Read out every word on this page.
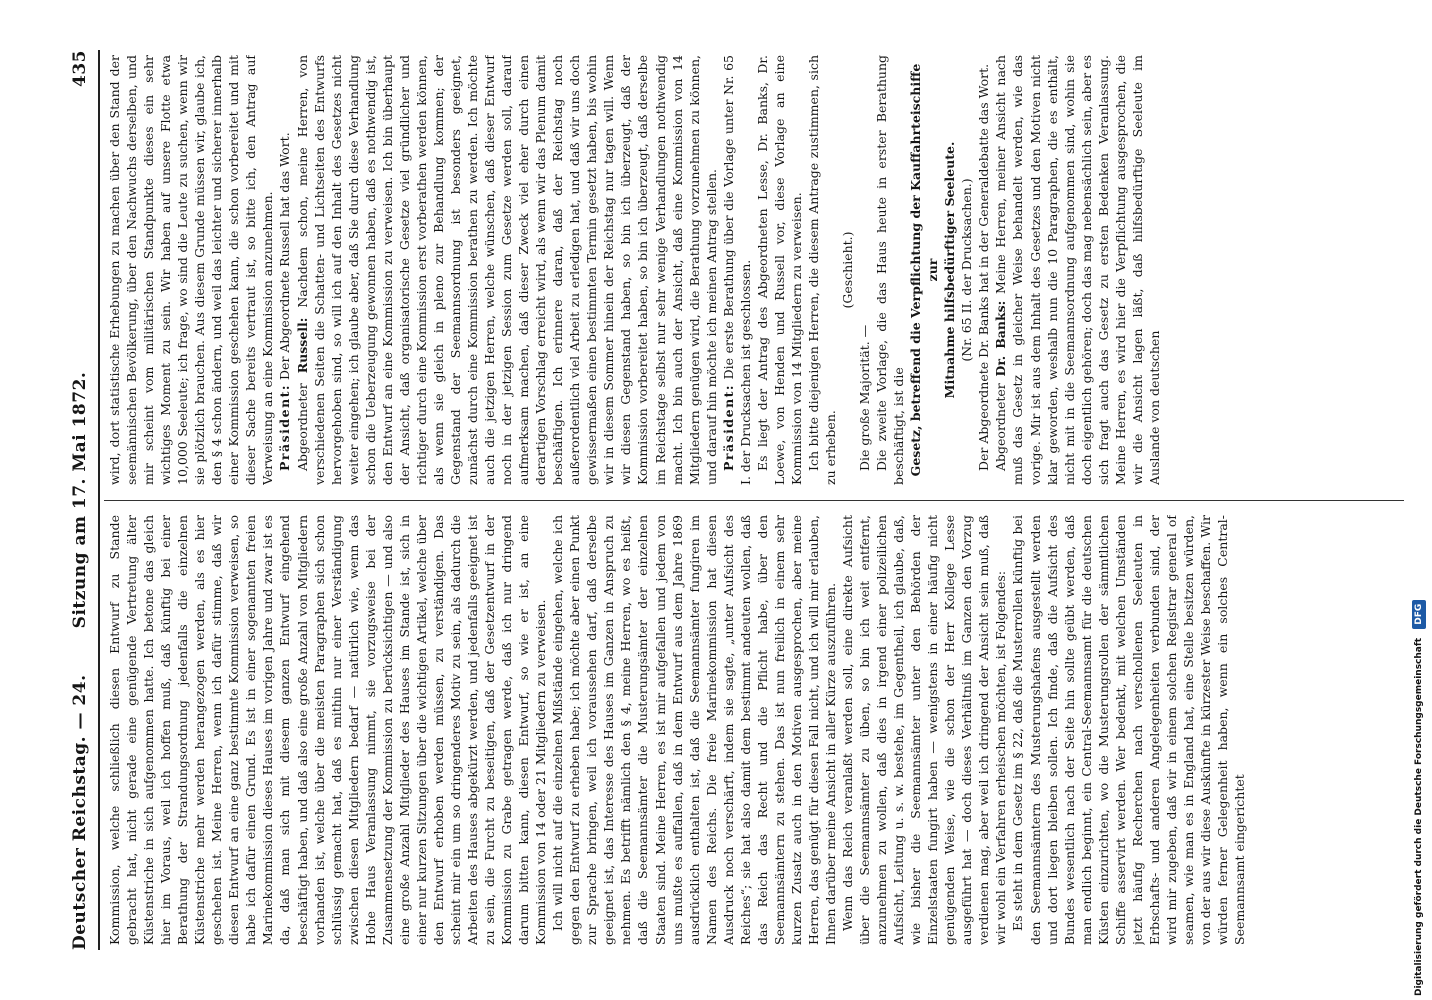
Deutscher Reichstag. — 24.
Sitzung am 17. Mai 1872.
435

Kommission, welche schließlich diesen Entwurf zu Stande gebracht hat, nicht gerade eine genügende Vertretung älter Küstenstriche in sich aufgenommen hatte. Ich betone das gleich hier im Voraus, weil ich hoffen muß, daß künftig bei einer Berathung der Strandungsordnung jedenfalls die einzelnen Küstenstriche mehr werden herangezogen werden, als es hier geschehen ist. Meine Herren, wenn ich dafür stimme, daß wir diesen Entwurf an eine ganz bestimmte Kommission verweisen, so habe ich dafür einen Grund. Es ist in einer sogenannten freien Marinekommission dieses Hauses im vorigen Jahre und zwar ist es da, daß man sich mit diesem ganzen Entwurf eingehend beschäftigt haben, und daß also eine große Anzahl von Mitgliedern vorhanden ist, welche über die meisten Paragraphen sich schon schlüssig gemacht hat, daß es mithin nur einer Verständigung zwischen diesen Mitgliedern bedarf — natürlich wie, wenn das Hohe Haus Veranlassung nimmt, sie vorzugsweise bei der Zusammensetzung der Kommission zu berücksichtigen — und also eine große Anzahl Mitglieder des Hauses im Stande ist, sich in einer nur kurzen Sitzungen über die wichtigen Artikel, welche über den Entwurf erhoben werden müssen, zu verständigen. Das scheint mir ein um so dringenderes Motiv zu sein, als dadurch die Arbeiten des Hauses abgekürzt werden, und jedenfalls geeignet ist zu sein, die Furcht zu beseitigen, daß der Gesetzentwurf in der Kommission zu Grabe getragen werde, daß ich nur dringend darum bitten kann, diesen Entwurf, so wie er ist, an eine Kommission von 14 oder 21 Mitgliedern zu verweisen. Ich will nicht auf die einzelnen Mißstände eingehen, welche ich gegen den Entwurf zu erheben habe; ich möchte aber einen Punkt zur Sprache bringen, weil ich voraussehen darf, daß derselbe geeignet ist, das Interesse des Hauses im Ganzen in Anspruch zu nehmen. Es betrifft nämlich den § 4, meine Herren, wo es heißt, daß die Seemannsämter die Musterungsämter der einzelnen Staaten sind. Meine Herren, es ist mir aufgefallen und jedem von uns mußte es auffallen, daß in dem Entwurf aus dem Jahre 1869 ausdrücklich enthalten ist, daß die Seemannsämter fungiren im Namen des Reichs. Die freie Marinekommission hat diesen Ausdruck noch verschärft, indem sie sagte, „unter Aufsicht des Reiches“; sie hat also damit dem bestimmt andeuten wollen, daß das Reich das Recht und die Pflicht habe, über den Seemannsämtern zu stehen. Das ist nun freilich in einem sehr kurzen Zusatz auch in den Motiven ausgesprochen, aber meine Herren, das genügt für diesen Fall nicht, und ich will mir erlauben, Ihnen darüber meine Ansicht in aller Kürze auszuführen. Wenn das Reich veranlaßt werden soll, eine direkte Aufsicht über die Seemannsämter zu üben, so bin ich weit entfernt, anzunehmen zu wollen, daß dies in irgend einer polizeilichen Aufsicht, Leitung u. s. w. bestehe, im Gegentheil, ich glaube, daß, wie bisher die Seemannsämter unter den Behörden der Einzelstaaten fungirt haben — wenigstens in einer häufig nicht genügenden Weise, wie die schon der Herr Kollege Lesse ausgeführt hat — doch dieses Verhältniß im Ganzen den Vorzug verdienen mag, aber weil ich dringend der Ansicht sein muß, daß wir wohl ein Verfahren erheischen möchten, ist Folgendes: Es steht in dem Gesetz im § 22, daß die Musterrollen künftig bei den Seemannsämtern des Musterungshafens ausgestellt werden und dort liegen bleiben sollen. Ich finde, daß die Aufsicht des Bundes wesentlich nach der Seite hin sollte geübt werden, daß man endlich beginnt, ein Central-Seemannsamt für die deutschen Küsten einzurichten, wo die Musterungsrollen der sämmtlichen Schiffe asservirt werden. Wer bedenkt, mit welchen Umständen jetzt häufig Recherchen nach verschollenen Seeleuten in Erbschafts- und anderen Angelegenheiten verbunden sind, der wird mir zugeben, daß wir in einem solchen Registrar general of seamen, wie man es in England hat, eine Stelle besitzen würden, von der aus wir diese Auskünfte in kürzester Weise beschaffen. Wir würden ferner Gelegenheit haben, wenn ein solches Central-Seemannsamt eingerichtet

wird, dort statistische Erhebungen zu machen über den Stand der seemännischen Bevölkerung, über den Nachwuchs derselben, und mir scheint vom militärischen Standpunkte dieses ein sehr wichtiges Moment zu sein. Wir haben auf unsere Flotte etwa 10,000 Seeleute; ich frage, wo sind die Leute zu suchen, wenn wir sie plötzlich brauchen. Aus diesem Grunde müssen wir, glaube ich, den § 4 schon ändern, und weil das leichter und sicherer innerhalb einer Kommission geschehen kann, die schon vorbereitet und mit dieser Sache bereits vertraut ist, so bitte ich, den Antrag auf Verweisung an eine Kommission anzunehmen. Präsident: Der Abgeordnete Russell hat das Wort.

Abgeordneter Russell: Nachdem schon, meine Herren, von verschiedenen Seiten die Schatten- und Lichtseiten des Entwurfs hervorgehoben sind, so will ich auf den Inhalt des Gesetzes nicht weiter eingehen; ich glaube aber, daß Sie durch diese Verhandlung schon die Ueberzeugung gewonnen haben, daß es nothwendig ist, den Entwurf an eine Kommission zu verweisen. Ich bin überhaupt der Ansicht, daß organisatorische Gesetze viel gründlicher und richtiger durch eine Kommission erst vorberathen werden können, als wenn sie gleich in pleno zur Behandlung kommen; der Gegenstand der Seemannsordnung ist besonders geeignet, zunächst durch eine Kommission berathen zu werden. Ich möchte auch die jetzigen Herren, welche wünschen, daß dieser Entwurf noch in der jetzigen Session zum Gesetze werden soll, darauf aufmerksam machen, daß dieser Zweck viel eher durch einen derartigen Vorschlag erreicht wird, als wenn wir das Plenum damit beschäftigen. Ich erinnere daran, daß der Reichstag noch außerordentlich viel Arbeit zu erledigen hat, und daß wir uns doch gewissermaßen einen bestimmten Termin gesetzt haben, bis wohin wir in diesem Sommer hinein der Reichstag nur tagen will. Wenn wir diesen Gegenstand haben, so bin ich überzeugt, daß der Kommission vorbereitet haben, so bin ich überzeugt, daß derselbe im Reichstage selbst nur sehr wenige Verhandlungen nothwendig macht. Ich bin auch der Ansicht, daß eine Kommission von 14 Mitgliedern genügen wird, die Berathung vorzunehmen zu können, und darauf hin möchte ich meinen Antrag stellen. Präsident: Die erste Berathung über die Vorlage unter Nr. 65 I. der Drucksachen ist geschlossen. Es liegt der Antrag des Abgeordneten Lesse, Dr. Banks, Dr. Loewe, von Henden und Russell vor, diese Vorlage an eine Kommission von 14 Mitgliedern zu verweisen. Ich bitte diejenigen Herren, die diesem Antrage zustimmen, sich zu erheben.

(Geschieht.)

Die große Majorität. — Die zweite Vorlage, die das Haus heute in erster Berathung beschäftigt, ist die Gesetz, betreffend die Verpflichtung der Kauffahrteischiffe zur Mitnahme hilfsbedürftiger Seeleute. (Nr. 65 II. der Drucksachen.) Der Abgeordnete Dr. Banks hat in der Generaldebatte das Wort. Abgeordneter Dr. Banks: Meine Herren, meiner Ansicht nach muß das Gesetz in gleicher Weise behandelt werden, wie das vorige. Mir ist aus dem Inhalt des Gesetzes und den Motiven nicht klar geworden, weshalb nun die 10 Paragraphen, die es enthält, nicht mit in die Seemannsordnung aufgenommen sind, wohin sie doch eigentlich gehören; doch das mag nebensächlich sein, aber es sich fragt auch das Gesetz zu ersten Bedenken Veranlassung. Meine Herren, es wird hier die Verpflichtung ausgesprochen, die wir die Ansicht lagen läßt, daß hilfsbedürftige Seeleute im Auslande von deutschen

Digitalisierung gefördert durch die Deutsche Forschungsgemeinschaft DFG
